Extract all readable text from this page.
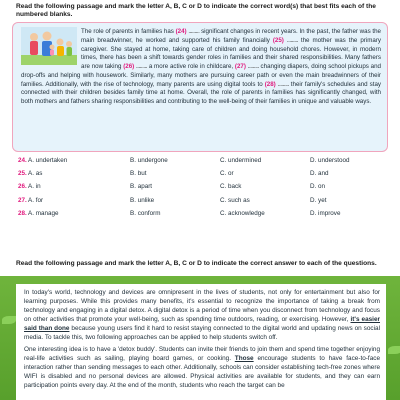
Read the following passage and mark the letter A, B, C or D to indicate the correct word(s) that best fits each of the numbered blanks.
The role of parents in families has (24) ......... significant changes in recent years. In the past, the father was the main breadwinner, he worked and supported his family financially (25) ......... the mother was the primary caregiver. She stayed at home, taking care of children and doing household chores. However, in modern times, there has been a shift towards gender roles in families and their shared responsibilities. Many fathers are now taking (26) ......... a more active role in childcare, (27) ......... changing diapers, doing school pickups and drop-offs and helping with housework. Similarly, many mothers are pursuing career path or even the main breadwinners of their families. Additionally, with the rise of technology, many parents are using digital tools to (28) ......... their family's schedules and stay connected with their children besides family time at home. Overall, the role of parents in families has significantly changed, with both mothers and fathers sharing responsibilities and contributing to the well-being of their families in unique and valuable ways.
24. A. undertaken	B. undergone	C. undermined	D. understood
25. A. as	B. but	C. or	D. and
26. A. in	B. apart	C. back	D. on
27. A. for	B. unlike	C. such as	D. yet
28. A. manage	B. conform	C. acknowledge	D. improve
Read the following passage and mark the letter A, B, C or D to indicate the correct answer to each of the questions.

In today's world, technology and devices are omnipresent in the lives of students, not only for entertainment but also for learning purposes. While this provides many benefits, it's essential to recognize the importance of taking a break from technology and engaging in a digital detox. A digital detox is a period of time when you disconnect from technology and focus on other activities that promote your well-being, such as spending time outdoors, reading, or exercising. However, it's easier said than done because young users find it hard to resist staying connected to the digital world and updating news on social media. To tackle this, two following approaches can be applied to help students switch off.

One interesting idea is to have a 'detox buddy'. Students can invite their friends to join them and spend time together enjoying real-life activities such as sailing, playing board games, or cooking. Those encourage students to have face-to-face interaction rather than sending messages to each other. Additionally, schools can consider establishing tech-free zones where WIFI is disabled and no personal devices are allowed. Physical activities are available for students, and they can earn participation points every day. At the end of the month, students who reach the target can be
